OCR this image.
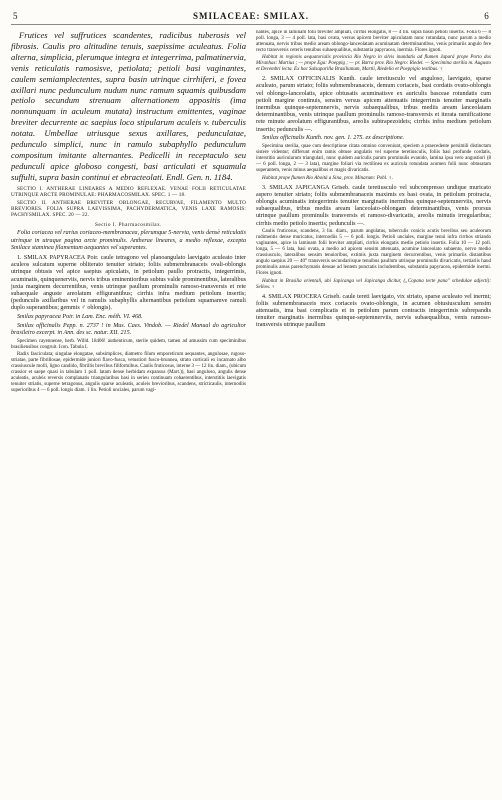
5	SMILACEAE: SMILAX.	6

Frutices vel suffrutices scandentes, radicibus tuberosis vel fibrosis. Caulis pro altitudine tenuis, saepissime aculeatus. Folia alterna, simplicia, plerumque integra et integerrima, palmatinervia, venis reticulatis ramosisve, petiolata; petioli basi vaginantes, caulem semiamplectentes, supra basin utrinque cirrhiferi, e fovea axillari nunc pedunculum nudum nunc ramum squamis quibusdam petiolo secundum strenuam alternationem appositis (ima nonnunquam in aculeum mutata) instructum emittentes, vaginae breviter decurrente ac saepius loco stipularum aculeis v. tuberculis notata. Umbellae utriusque sexus axillares, pedunculatae, pedunculo simplici, nunc in ramulo subaphyllo pedunculum compositum imitante alternantes. Pedicelli in receptaculo seu pedunculi apice globoso congesti, basi articulati et squamula suffulti, supra basin continui et ebracteolati. Endl. Gen. n. 1184.

SECTIO I. ANTHERAE LINEARES A MEDIO REFLEXAE. VENAE FOLII RETICULATAE UTRINQUE ARCTE PROMINULAE: PHARMACOSMILAX. SPEC. 1 — 18.

SECTIO II. ANTHERAE BREVITER OBLONGAE, RECURVAE, FILAMENTO MULTO BREVIORES. FOLIA SUPRA LAEVISSIMA, PACHYDERMATICA, VENIS LAXE RAMOSIS: PACHYSMILAX. SPEC. 20 — 22.

Sectio I. Pharmacosmilax.

Folia coriacea vel rarius coriaceo-membranacea, plerumque 5-nervia, venis densè reticulatis utrinque in utraque pagina arcte prominulis. Antherae lineares, a medio reflexae, excepta Smilace staminea filamentum aequantes vel superantes.

1. SMILAX PAPYRACEA Poir. caule tetragono vel planoangulato laevigato aculeato inter aculeos sulcatum superne obliterato tenuiter striato; foliis submembranaceis ovali-oblongis utrinque obtusis vel apice saepius apiculatis, in petiolum paullo protractis, integerrimis, acuminatis, quinquenerviis, nervis tribus eminentioribus subtus valde prominentibus, lateralibus juxta marginem decurrentibus, venis utrinque paullum prominulis ramoso-transversis et rete subaequale anguste areolatum effigurantibus; cirrhis infra medium petiolum insertis; (pedunculis axillaribus vel in ramulis subaphyllis alternantibus petiolum squamamve ramuli duplo superantibus; gemmis ♂ oblongis).

Smilax papyracea Poir. in Lam. Enc. méth. VI. 468.

Smilax officinalis Pepp. n. 2737 ! in Mus. Caes. Vindob. — Riedel Manual do agricultor brasileiro excerpt. in Ann. des sc. natur. XII. 215.

Specimen cayennense, herb. Willd. 18406! authenticum, sterile quidem, tamen ad amussim cum speciminibus brasiliensibus congruit. Icon. Tabula I.

Radix fasciculata; singulae elongatae, subsimplices, diametro filum emporeticum aequantes, angulosae, rugoso-striatae, parte fibrillosae, epidermide juniori flavo-fusca, vetustiori fusco-brunnea, strato corticali ex incarnato albo crassiuscule molli, ligno candido, fibrillis brevibus filiformibus. Caulis fruticosus, interne 3 — 12 lin. diam., (ubicum crassior et saepe quasi in tabulam 1 poll. latam dense herbidam expansus (Mart.)), basi anguloso, angulis dense aculeatis, aculeis reversis complanatis triangularibus basi in serieu continuam cohaerentibus, interstitiis laevigatis tenuiter striatis, superne tetragonus, angulis sparse aculeatis, aculeis brevioribus, scandens, stricticaulis, internodiis superioribus 4 — 6 poll. longis diam. 1 lin. Petioli unciales, parum vagi-

nantes, apice in laminam folii breviter ampliati, cirrhis elongatis, 8 — 4 lin. supra basin petioli insertis. Folia 6 — 8 poll. longa, 3 — 4 poll. lata, basi ovata, versus apicem breviter apiculatam nunc rotundata, nunc parum a medio attenuata, nervis tribus medio aream oblongo-lanceolatam acuminatam determinantibus, venis primariis angulo fere recto transversis ceteris tenuibus subaequalibus, substantia papyracea, inermia. Flores ignoti.

Habitat in regionis aequatorialis provincia Rio Negro in silvis inundatis ad flumen Japurá prope Porto dos Miranhas: Martius ; — prope Ega: Poeppig ; — pr. Barra prov. Rio Negro: Riedel. — Specimina sterilia m. Augusto et Decembri lecta. Ex hac Salsaparilla Brasilianum, Martii, Riedelio et Poeppigio testibus. ♀

2. SMILAX OFFICINALIS Kunth. caule teretiusculo vel anguloso, laevigato, sparse aculeato, parum striato; foliis submembranaceis, demum coriaceis, basi cordatis ovato-oblongis vel oblongo-lanceolatis, apice obtusatis acuminatisve ex auriculis basceae rotundatis cum petioli margine continuis, sensim versus apicem attenuatis integerrimis tenuiter marginatis inermibus quinque-septemnervis, nervis subaequalibus, tribus mediis aream lanceolatam determinantibus, venis utrinque paullum prominulis ramoso-transversis et iterata ramificatione rete minute areolatum effigurantibus, areolis subtrapezoideis; cirrhis infra medium petiolum insertis; pedunculis —.

Smilax officinalis Kunth. nov. gen. 1. 275. ex descriptione.

Specimina sterilia, quae cum descriptione citata omnino conveniunt, speciem a praecedente persimili distinctam sistere videntur; differunt enim ramis obtuse angulatis vel superne teretiusculis, foliis basi profunde cordatis, interstitio auricularum triangulari, nunc quidem auriculis parum prominulis evanido, lamina ipsa vero angustiori (8 — 6 poll. longa, 2 — 3 lata), margine foliari via rectilinea ex auricula rotundata acumen folii nunc obtusatam superantem, venis minus aequalibus et magis divaricatis.

Habitat prope flumen Rio Aboitá a Sina, prov. Minarum: Pohl. ♀.

3. SMILAX JAPICANGA Griseb. caule teretiusculo vel subcompresso undique muricato aspero tenuiter striato; foliis submembranaceis maximis ex basi ovata, in petiolum protracta, oblongis acuminatis integerrimis tenuiter marginatis inermibus quinque-septemnerviis, nervis subaequalibus, tribus mediis aream lanceolato-oblongam determinantibus, venis prorsus utrinque paullum prominulis transversis et ramoso-divaricatis, areolis minutis irregularibus; cirrhis medio petiolo insertis; pedunculis —.

Caulis fruticosus, scandens, 3 lin. diam., parum angulatus, tuberculis conicis acutis brevibus seu aculeorum rudimentis dense muricatus, internodiis 5 — 6 poll. longis. Petioli unciales, margine tenui infra cirrhos striando vaginantes, apice in laminam folii breviter ampliati, cirrhis elongatis medio petiolo insertis. Folia 10 — 12 poll. longa, 5 — 6 lata, basi ovata, a medio ad apicem sensim attenuata, acumine lanceolato subaento, nervo medio crassiusculo, lateralibus sensim tenuioribus, extimis juxta marginem decurrentibus, venis primariis distantibus angulo saepius 20 — 40° transversis secundariisque tenuibus paullum utrinque prominulis divaricatis, tertiariis haud prominulis areas parenchymatis densae ad lentem punctatis includentibus, substantia papyracea, epidermide inermi. Flores ignoti.

Habitat in Brasilia orientali, ubi Japicanga vel Japicanga dicitur, („Copana tecte pana" schedulae adjecti): Sellow. ♀

4. SMILAX PROCERA Griseb. caule tereti laevigato, vix striato, sparse aculeato vel inermi; foliis submembranaceis mox coriaceis ovato-oblongis, in acumen obtusiusculum sensim attenuatis, ima basi complicatis et in petiolum parum contractis integerrimis subrepandis tenuiter marginatis inermibus quinque-septemnerviis, nervis subaequalibus, venis ramoso-transversis utrinque paullum
